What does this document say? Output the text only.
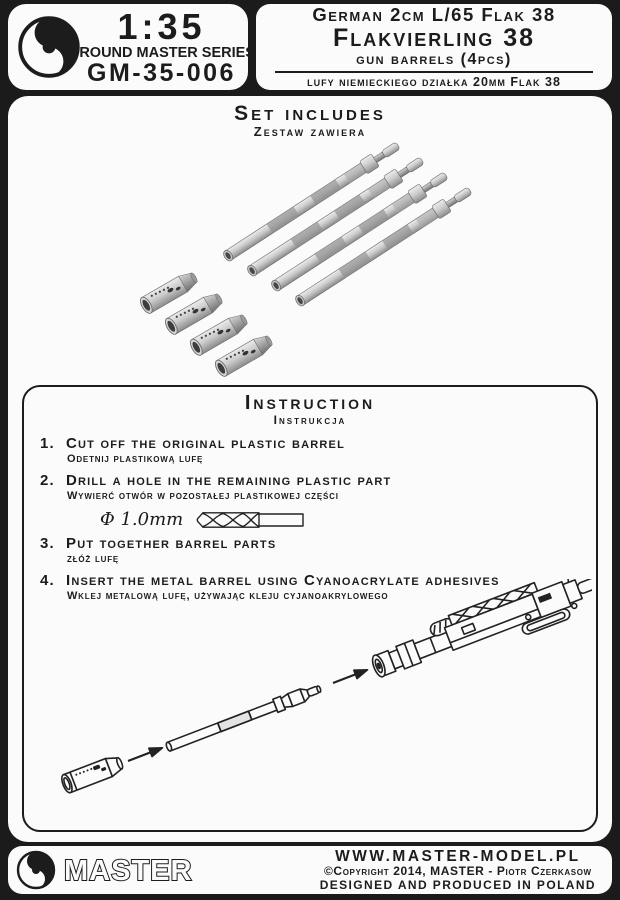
1:35
GROUND MASTER SERIES
GM-35-006
German 2cm L/65 Flak 38
Flakvierling 38
gun barrels (4pcs)
lufy niemieckiego działka 20mm Flak 38
Set includes
Zestaw zawiera
Instruction
Instrukcja
1. Cut off the original plastic barrel
Odetnij plastikową lufę
2. Drill a hole in the remaining plastic part
Wywierć otwór w pozostałej plastikowej części
Φ 1.0mm
3. Put together barrel parts
złóż lufę
4. Insert the metal barrel using Cyanoacrylate adhesives
Wklej metalową lufę, używając kleju cyjanoakrylowego
MASTER	WWW.MASTER-MODEL.PL
©Copyright 2014, MASTER - Piotr Czerkasow
DESIGNED AND PRODUCED IN POLAND
